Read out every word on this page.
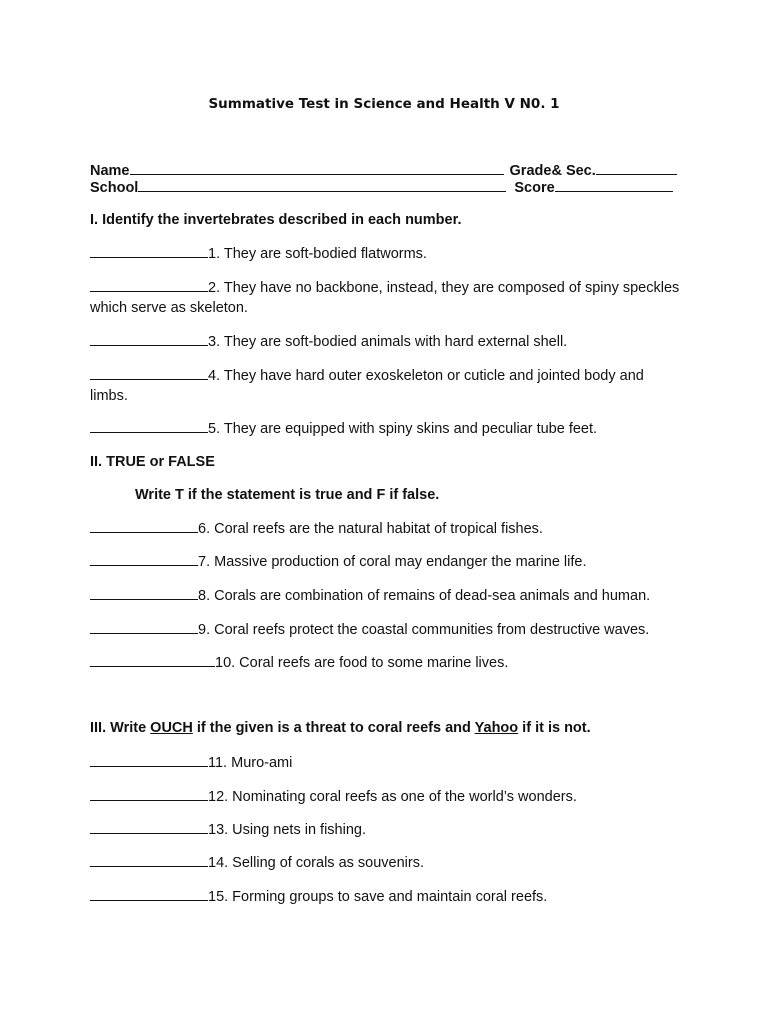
Summative Test in Science and Health V N0. 1
Name	Grade& Sec.
School	Score
I. Identify the invertebrates described in each number.
1. They are soft-bodied flatworms.
2. They have no backbone, instead, they are composed of spiny speckles which serve as skeleton.
3. They are soft-bodied animals with hard external shell.
4. They have hard outer exoskeleton or cuticle and jointed body and limbs.
5. They are equipped with spiny skins and peculiar tube feet.
II. TRUE or FALSE
Write T if the statement is true and F if false.
6. Coral reefs are the natural habitat of tropical fishes.
7. Massive production of coral may endanger the marine life.
8. Corals are combination of remains of dead-sea animals and human.
9. Coral reefs protect the coastal communities from destructive waves.
10. Coral reefs are food to some marine lives.
III. Write OUCH if the given is a threat to coral reefs and Yahoo if it is not.
11. Muro-ami
12. Nominating coral reefs as one of the world’s wonders.
13. Using nets in fishing.
14. Selling of corals as souvenirs.
15. Forming groups to save and maintain coral reefs.
